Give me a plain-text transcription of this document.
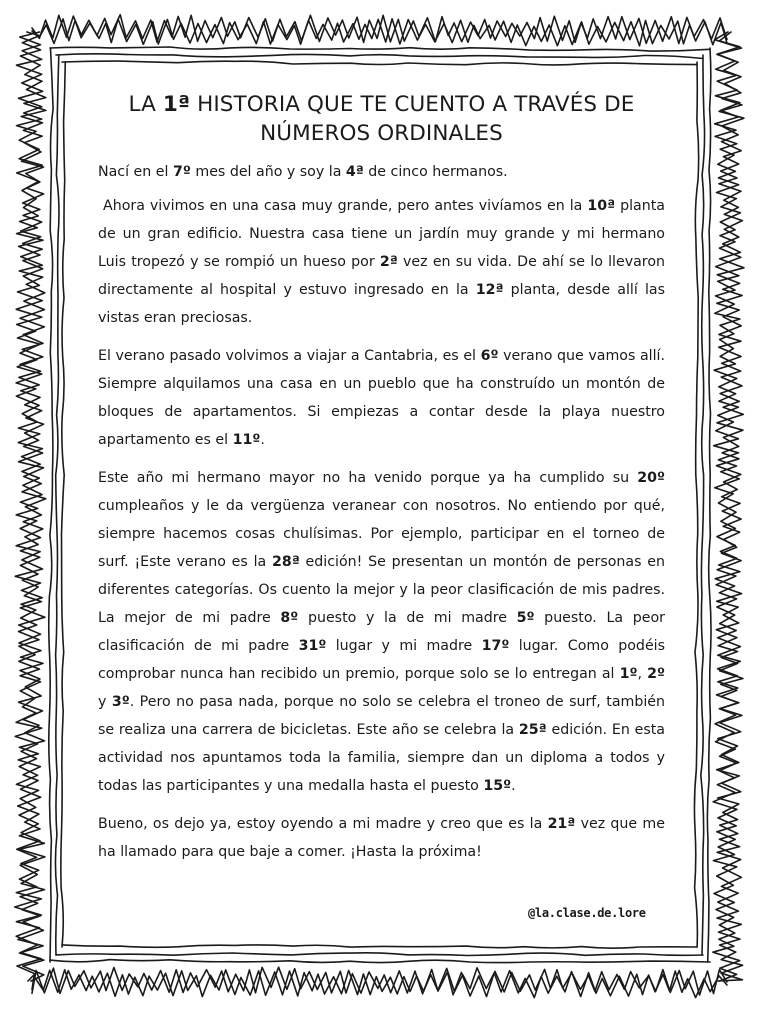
LA 1ª HISTORIA QUE TE CUENTO A TRAVÉS DE NÚMEROS ORDINALES

Nací en el 7º mes del año y soy la 4ª de cinco hermanos.

Ahora vivimos en una casa muy grande, pero antes vivíamos en la 10ª planta de un gran edificio. Nuestra casa tiene un jardín muy grande y mi hermano Luis tropezó y se rompió un hueso por 2ª vez en su vida. De ahí se lo llevaron directamente al hospital y estuvo ingresado en la 12ª planta, desde allí las vistas eran preciosas.

El verano pasado volvimos a viajar a Cantabria, es el 6º verano que vamos allí. Siempre alquilamos una casa en un pueblo que ha construído un montón de bloques de apartamentos. Si empiezas a contar desde la playa nuestro apartamento es el 11º.

Este año mi hermano mayor no ha venido porque ya ha cumplido su 20º cumpleaños y le da vergüenza veranear con nosotros. No entiendo por qué, siempre hacemos cosas chulísimas. Por ejemplo, participar en el torneo de surf. ¡Este verano es la 28ª edición! Se presentan un montón de personas en diferentes categorías. Os cuento la mejor y la peor clasificación de mis padres. La mejor de mi padre 8º puesto y la de mi madre 5º puesto. La peor clasificación de mi padre 31º lugar y mi madre 17º lugar. Como podéis comprobar nunca han recibido un premio, porque solo se lo entregan al 1º, 2º y 3º. Pero no pasa nada, porque no solo se celebra el troneo de surf, también se realiza una carrera de bicicletas. Este año se celebra la 25ª edición. En esta actividad nos apuntamos toda la familia, siempre dan un diploma a todos y todas las participantes y una medalla hasta el puesto 15º.

Bueno, os dejo ya, estoy oyendo a mi madre y creo que es la 21ª vez que me ha llamado para que baje a comer. ¡Hasta la próxima!

@la.clase.de.lore
